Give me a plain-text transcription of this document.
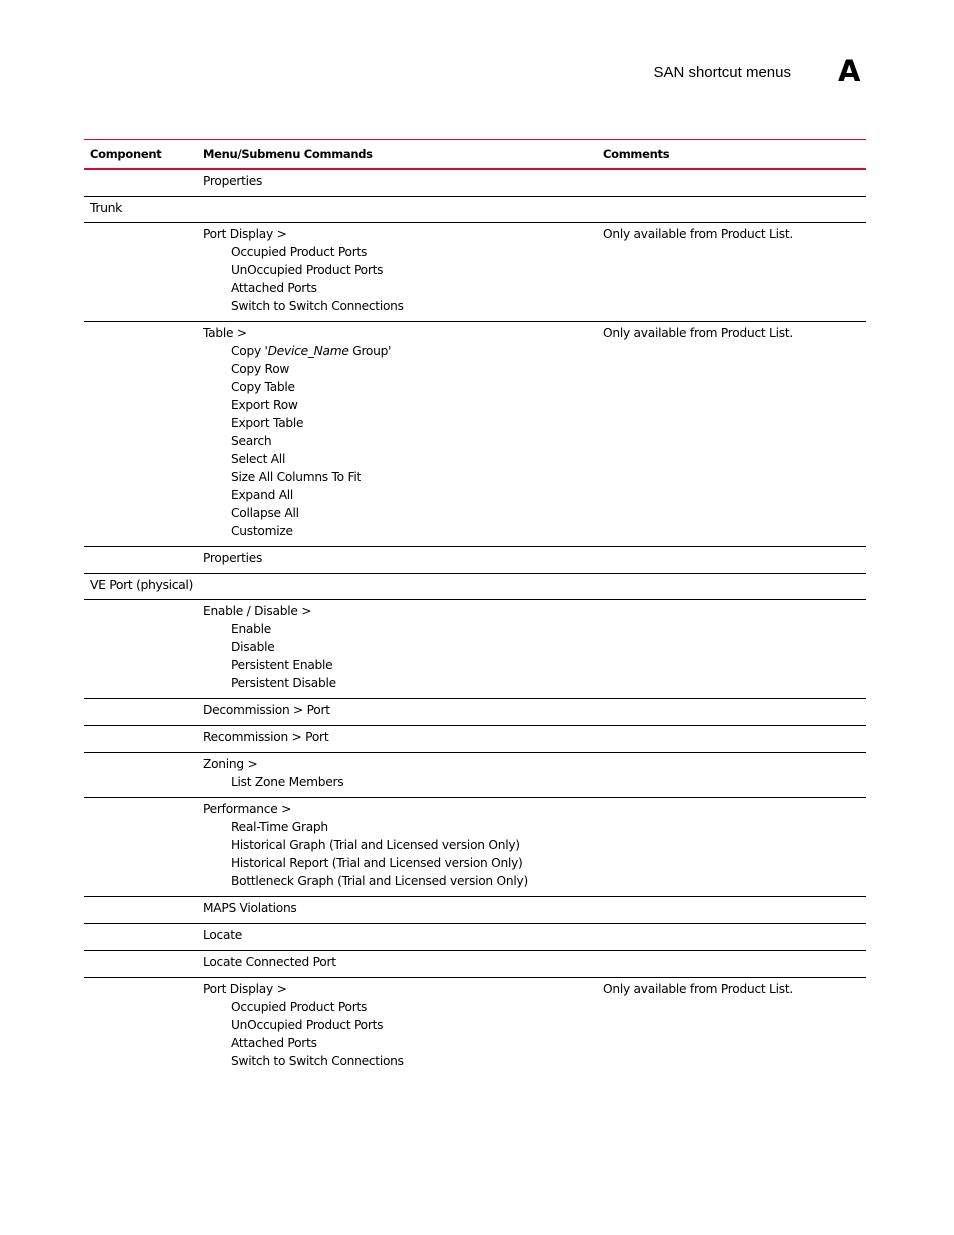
SAN shortcut menus A
Component	Menu/Submenu Commands	Comments
Properties
Trunk
Port Display >
Occupied Product Ports
UnOccupied Product Ports
Attached Ports
Switch to Switch Connections
Only available from Product List.
Table >
Copy 'Device_Name Group'
Copy Row
Copy Table
Export Row
Export Table
Search
Select All
Size All Columns To Fit
Expand All
Collapse All
Customize
Only available from Product List.
Properties
VE Port (physical)
Enable / Disable >
Enable
Disable
Persistent Enable
Persistent Disable
Decommission > Port
Recommission > Port
Zoning >
List Zone Members
Performance >
Real-Time Graph
Historical Graph (Trial and Licensed version Only)
Historical Report (Trial and Licensed version Only)
Bottleneck Graph (Trial and Licensed version Only)
MAPS Violations
Locate
Locate Connected Port
Port Display >
Occupied Product Ports
UnOccupied Product Ports
Attached Ports
Switch to Switch Connections
Only available from Product List.
